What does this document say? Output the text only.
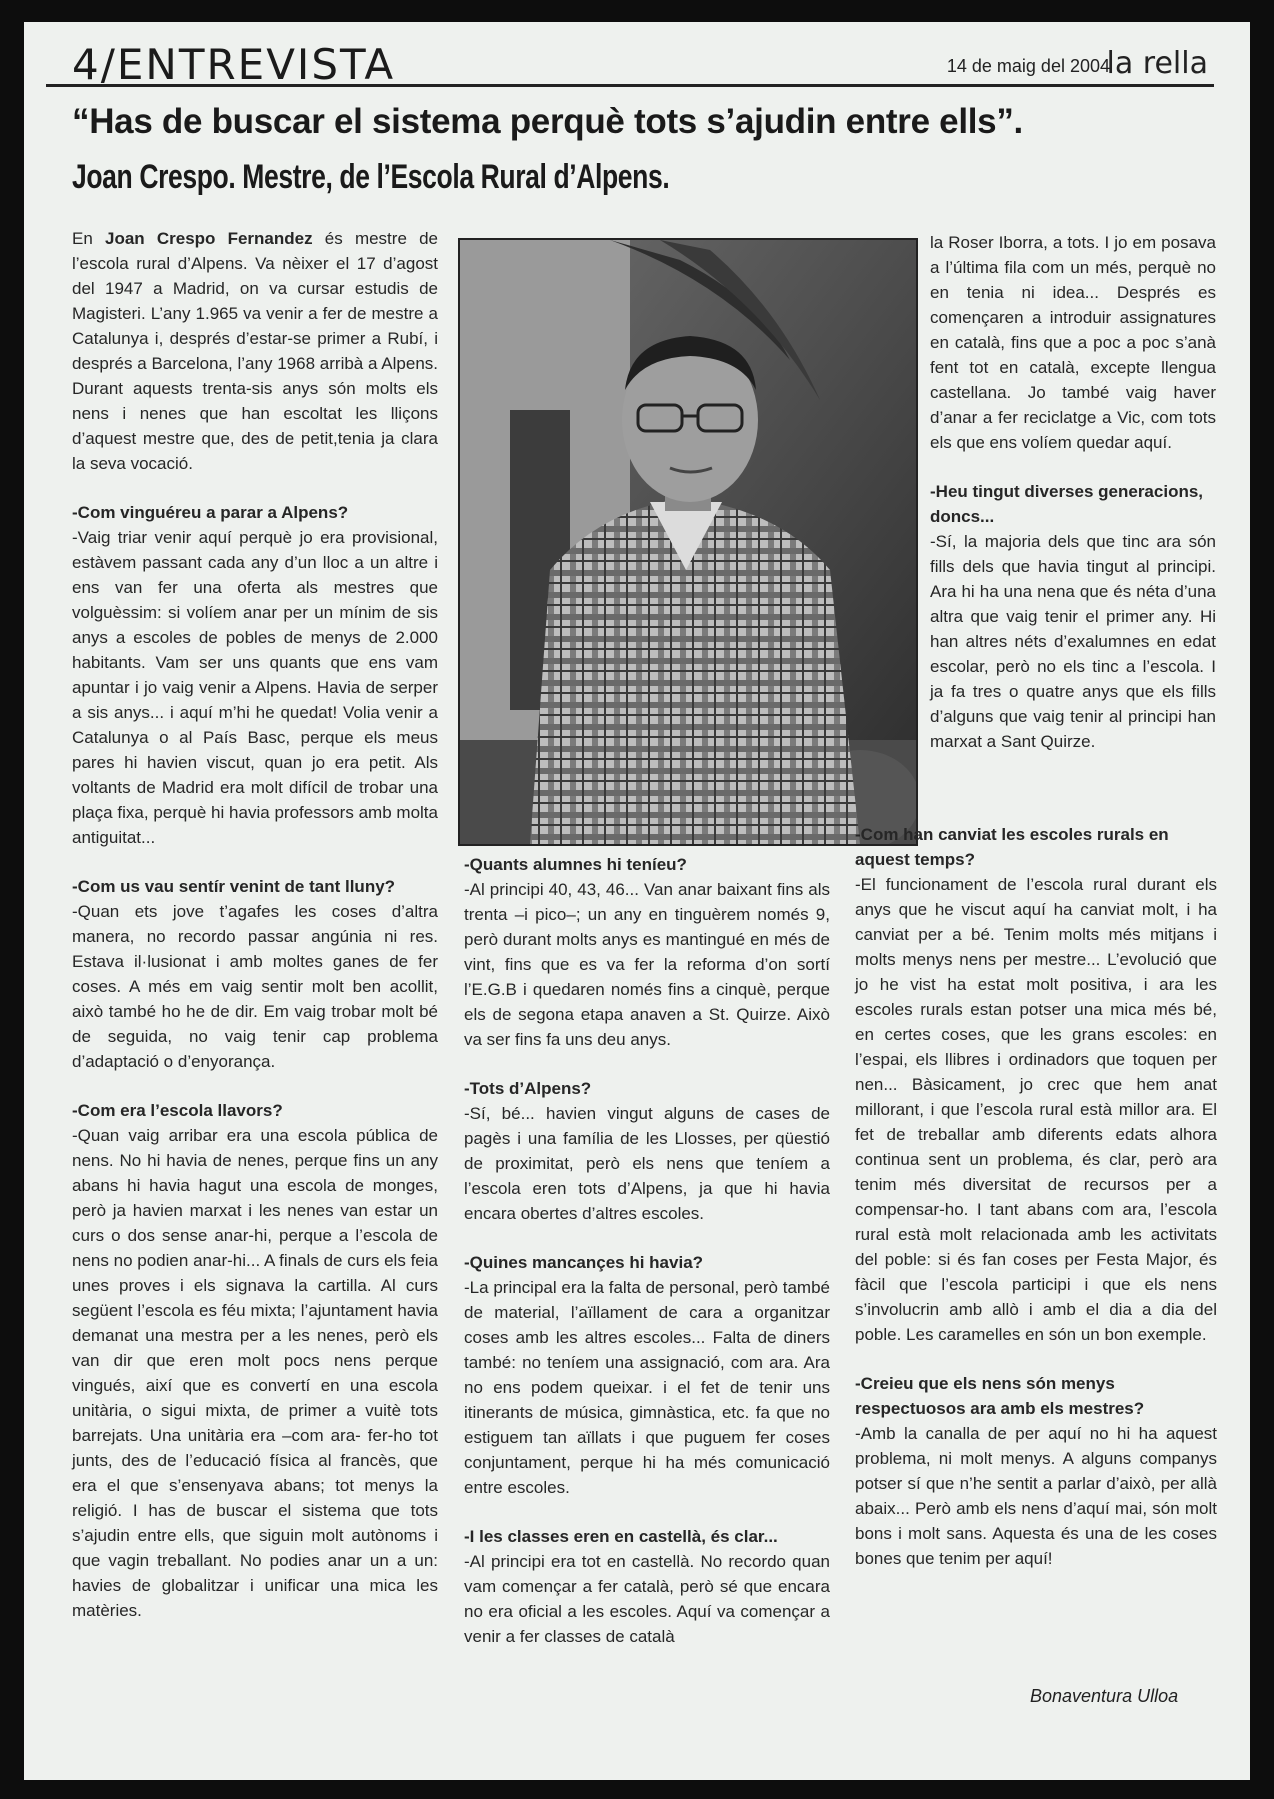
4/ENTREVISTA	14 de maig del 2004
la rella
“Has de buscar el sistema perquè tots s’ajudin entre ells”.
Joan Crespo. Mestre, de l’Escola Rural d’Alpens.

En Joan Crespo Fernandez és mestre de l’escola rural d’Alpens. Va nèixer el 17 d’agost del 1947 a Madrid, on va cursar estudis de Magisteri. L’any 1.965 va venir a fer de mestre a Catalunya i, després d’estar-se primer a Rubí, i després a Barcelona, l’any 1968 arribà a Alpens. Durant aquests trenta-sis anys són molts els nens i nenes que han escoltat les lliçons d’aquest mestre que, des de petit,tenia ja clara la seva vocació.

-Com vinguéreu a parar a Alpens?
-Vaig triar venir aquí perquè jo era provisional, estàvem passant cada any d’un lloc a un altre i ens van fer una oferta als mestres que volguèssim: si volíem anar per un mínim de sis anys a escoles de pobles de menys de 2.000 habitants. Vam ser uns quants que ens vam apuntar i jo vaig venir a Alpens. Havia de serper a sis anys... i aquí m’hi he quedat! Volia venir a Catalunya o al País Basc, perque els meus pares hi havien viscut, quan jo era petit. Als voltants de Madrid era molt difícil de trobar una plaça fixa, perquè hi havia professors amb molta antiguitat...
-Com us vau sentír venint de tant lluny?
-Quan ets jove t’agafes les coses d’altra manera, no recordo passar angúnia ni res. Estava il·lusionat i amb moltes ganes de fer coses. A més em vaig sentir molt ben acollit, això també ho he de dir. Em vaig trobar molt bé de seguida, no vaig tenir cap problema d’adaptació o d’enyorança.
-Com era l’escola llavors?
-Quan vaig arribar era una escola pública de nens. No hi havia de nenes, perque fins un any abans hi havia hagut una escola de monges, però ja havien marxat i les nenes van estar un curs o dos sense anar-hi, perque a l’escola de nens no podien anar-hi... A finals de curs els feia unes proves i els signava la cartilla. Al curs següent l’escola es féu mixta; l’ajuntament havia demanat una mestra per a les nenes, però els van dir que eren molt pocs nens perque vingués, així que es convertí en una escola unitària, o sigui mixta, de primer a vuitè tots barrejats. Una unitària era –com ara- fer-ho tot junts, des de l’educació física al francès, que era el que s’ensenyava abans; tot menys la religió. I has de buscar el sistema que tots s’ajudin entre ells, que siguin molt autònoms i que vagin treballant. No podies anar un a un: havies de globalitzar i unificar una mica les matèries.
-Quants alumnes hi teníeu?
-Al principi 40, 43, 46... Van anar baixant fins als trenta –i pico–; un any en tinguèrem només 9, però durant molts anys es mantingué en més de vint, fins que es va fer la reforma d’on sortí l’E.G.B i quedaren només fins a cinquè, perque els de segona etapa anaven a St. Quirze. Això va ser fins fa uns deu anys.
-Tots d’Alpens?
-Sí, bé... havien vingut alguns de cases de pagès i una família de les Llosses, per qüestió de proximitat, però els nens que teníem a l’escola eren tots d’Alpens, ja que hi havia encara obertes d’altres escoles.
-Quines mancançes hi havia?
-La principal era la falta de personal, però també de material, l’aïllament de cara a organitzar coses amb les altres escoles... Falta de diners també: no teníem una assignació, com ara. Ara no ens podem queixar. i el fet de tenir uns itinerants de música, gimnàstica, etc. fa que no estiguem tan aïllats i que puguem fer coses conjuntament, perque hi ha més comunicació entre escoles.
-I les classes eren en castellà, és clar...
-Al principi era tot en castellà. No recordo quan vam començar a fer català, però sé que encara no era oficial a les escoles. Aquí va començar a venir a fer classes de català
la Roser Iborra, a tots. I jo em posava a l’última fila com un més, perquè no en tenia ni idea... Després es començaren a introduir assignatures en català, fins que a poc a poc s’anà fent tot en català, excepte llengua castellana. Jo també vaig haver d’anar a fer reciclatge a Vic, com tots els que ens volíem quedar aquí.
-Heu tingut diverses generacions, doncs...
-Sí, la majoria dels que tinc ara són fills dels que havia tingut al principi. Ara hi ha una nena que és néta d’una altra que vaig tenir el primer any. Hi han altres néts d’exalumnes en edat escolar, però no els tinc a l’escola. I ja fa tres o quatre anys que els fills d’alguns que vaig tenir al principi han marxat a Sant Quirze.
-Com han canviat les escoles rurals en aquest temps?
-El funcionament de l’escola rural durant els anys que he viscut aquí ha canviat molt, i ha canviat per a bé. Tenim molts més mitjans i molts menys nens per mestre... L’evolució que jo he vist ha estat molt positiva, i ara les escoles rurals estan potser una mica més bé, en certes coses, que les grans escoles: en l’espai, els llibres i ordinadors que toquen per nen... Bàsicament, jo crec que hem anat millorant, i que l’escola rural està millor ara. El fet de treballar amb diferents edats alhora continua sent un problema, és clar, però ara tenim més diversitat de recursos per a compensar-ho. I tant abans com ara, l’escola rural està molt relacionada amb les activitats del poble: si és fan coses per Festa Major, és fàcil que l’escola participi i que els nens s’involucrin amb allò i amb el dia a dia del poble. Les caramelles en són un bon exemple.
-Creieu que els nens són menys respectuosos ara amb els mestres?
-Amb la canalla de per aquí no hi ha aquest problema, ni molt menys. A alguns companys potser sí que n’he sentit a parlar d’això, per allà abaix... Però amb els nens d’aquí mai, són molt bons i molt sans. Aquesta és una de les coses bones que tenim per aquí!
Bonaventura Ulloa
